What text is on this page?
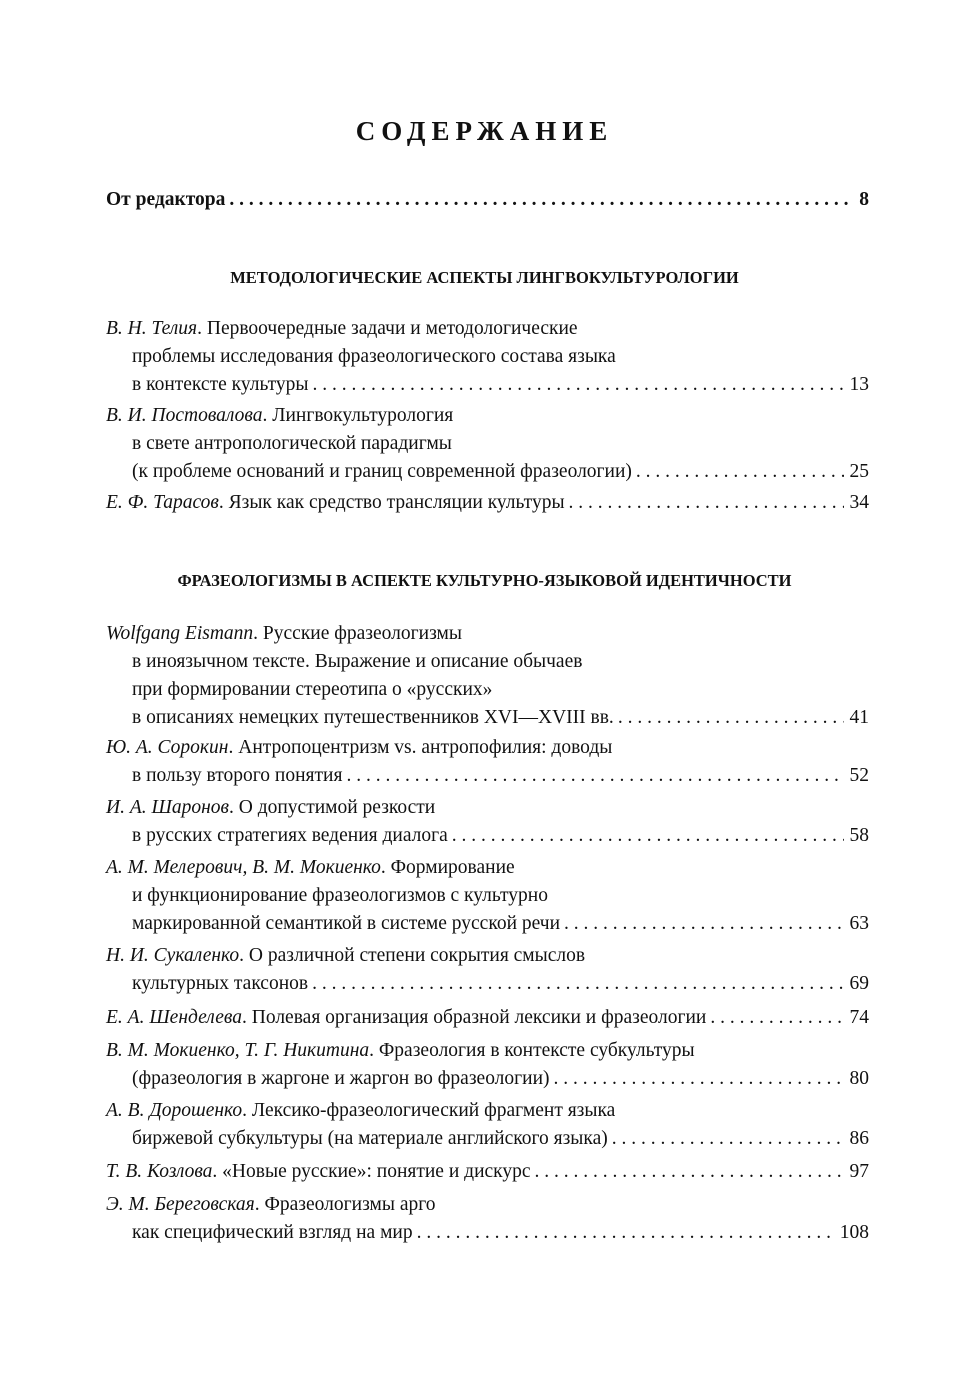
СОДЕРЖАНИЕ
От редактора . . .	8
МЕТОДОЛОГИЧЕСКИЕ АСПЕКТЫ ЛИНГВОКУЛЬТУРОЛОГИИ
В. Н. Телия. Первоочередные задачи и методологические
проблемы исследования фразеологического состава языка
в контексте культуры . . .	13
В. И. Постовалова. Лингвокультурология
в свете антропологической парадигмы
(к проблеме оснований и границ современной фразеологии) . . .	25
Е. Ф. Тарасов. Язык как средство трансляции культуры . . .	34
ФРАЗЕОЛОГИЗМЫ В АСПЕКТЕ КУЛЬТУРНО-ЯЗЫКОВОЙ ИДЕНТИЧНОСТИ
Wolfgang Eismann. Русские фразеологизмы
в иноязычном тексте. Выражение и описание обычаев
при формировании стереотипа о «русских»
в описаниях немецких путешественников XVI—XVIII вв. . . .	41
Ю. А. Сорокин. Антропоцентризм vs. антропофилия: доводы
в пользу второго понятия . . .	52
И. А. Шаронов. О допустимой резкости
в русских стратегиях ведения диалога . . .	58
А. М. Мелерович, В. М. Мокиенко. Формирование
и функционирование фразеологизмов с культурно
маркированной семантикой в системе русской речи . . .	63
Н. И. Сукаленко. О различной степени сокрытия смыслов
культурных таксонов . . .	69
Е. А. Шенделева. Полевая организация образной лексики и фразеологии . . .	74
В. М. Мокиенко, Т. Г. Никитина. Фразеология в контексте субкультуры
(фразеология в жаргоне и жаргон во фразеологии) . . .	80
А. В. Дорошенко. Лексико-фразеологический фрагмент языка
биржевой субкультуры (на материале английского языка) . . .	86
Т. В. Козлова. «Новые русские»: понятие и дискурс . . .	97
Э. М. Береговская. Фразеологизмы арго
как специфический взгляд на мир . . .	108
